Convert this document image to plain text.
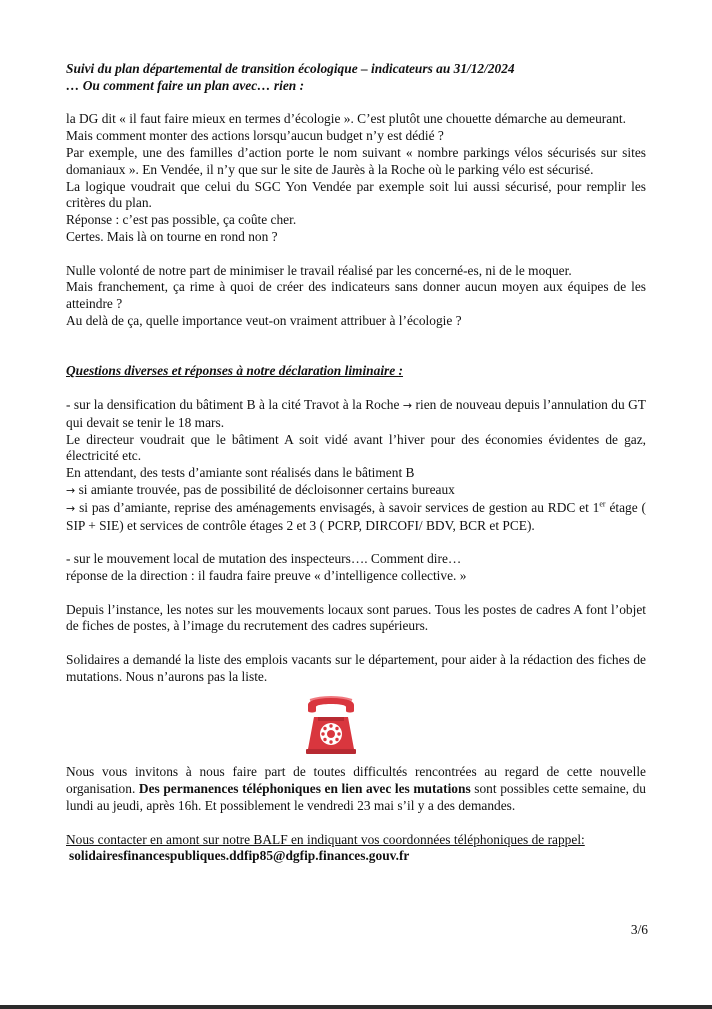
Suivi du plan départemental de transition écologique – indicateurs au 31/12/2024
… Ou comment faire un plan avec… rien :

la DG dit « il faut faire mieux en termes d’écologie ». C’est plutôt une chouette démarche au demeurant.

Mais comment monter des actions lorsqu’aucun budget n’y est dédié ?

Par exemple, une des familles d’action porte le nom suivant « nombre parkings vélos sécurisés sur sites domaniaux ». En Vendée, il n’y que sur le site de Jaurès à la Roche où le parking vélo est sécurisé.

La logique voudrait que celui du SGC Yon Vendée par exemple soit lui aussi sécurisé, pour remplir les critères du plan.

Réponse : c’est pas possible, ça coûte cher.

Certes. Mais là on tourne en rond non ?

Nulle volonté de notre part de minimiser le travail réalisé par les concerné-es, ni de le moquer.

Mais franchement, ça rime à quoi de créer des indicateurs sans donner aucun moyen aux équipes de les atteindre ?

Au delà de ça, quelle importance veut-on vraiment attribuer à l’écologie ?

Questions diverses et réponses à notre déclaration liminaire :

- sur la densification du bâtiment B à la cité Travot à la Roche → rien de nouveau depuis l’annulation du GT qui devait se tenir le 18 mars.

Le directeur voudrait que le bâtiment A soit vidé avant l’hiver pour des économies évidentes de gaz, électricité etc.

En attendant, des tests d’amiante sont réalisés dans le bâtiment B

→ si amiante trouvée, pas de possibilité de décloisonner certains bureaux

→ si pas d’amiante, reprise des aménagements envisagés, à savoir services de gestion au RDC et 1er étage ( SIP + SIE) et services de contrôle étages 2 et 3 ( PCRP, DIRCOFI/ BDV, BCR et PCE).

- sur le mouvement local de mutation des inspecteurs…. Comment dire…

réponse de la direction : il faudra faire preuve « d’intelligence collective. »

Depuis l’instance, les notes sur les mouvements locaux sont parues. Tous les postes de cadres A font l’objet de fiches de postes, à l’image du recrutement des cadres supérieurs.

Solidaires a demandé la liste des emplois vacants sur le département, pour aider à la rédaction des fiches de mutations. Nous n’aurons pas la liste.

Nous vous invitons à nous faire part de toutes difficultés rencontrées au regard de cette nouvelle organisation. Des permanences téléphoniques en lien avec les mutations sont possibles cette semaine, du lundi au jeudi, après 16h. Et possiblement le vendredi 23 mai s’il y a des demandes.

Nous contacter en amont sur notre BALF en indiquant vos coordonnées téléphoniques de rappel:

solidairesfinancespubliques.ddfip85@dgfip.finances.gouv.fr

3/6
